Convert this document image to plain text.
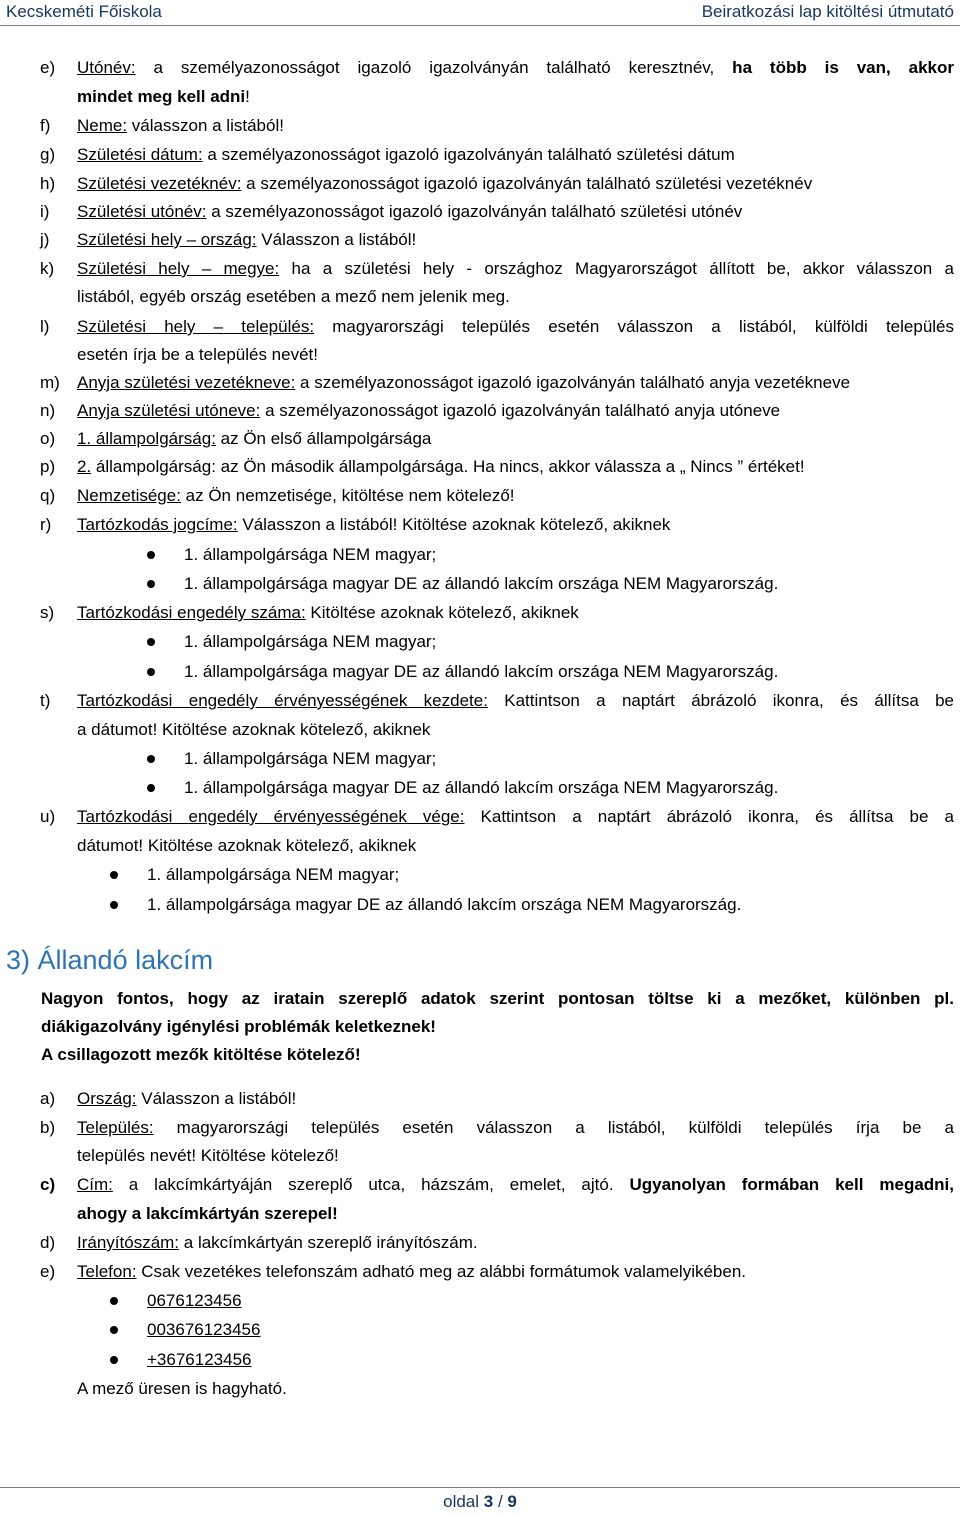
Kecskeméti Főiskola	Beiratkozási lap kitöltési útmutató
e) Utónév: a személyazonosságot igazoló igazolványán található keresztnév, ha több is van, akkor
mindet meg kell adni!
f) Neme: válasszon a listából!
g) Születési dátum: a személyazonosságot igazoló igazolványán található születési dátum
h) Születési vezetéknév: a személyazonosságot igazoló igazolványán található születési vezetéknév
i) Születési utónév: a személyazonosságot igazoló igazolványán található születési utónév
j) Születési hely – ország: Válasszon a listából!
k) Születési hely – megye: ha a születési hely - országhoz Magyarországot állított be, akkor válasszon a
listából, egyéb ország esetében a mező nem jelenik meg.
l) Születési hely – település: magyarországi település esetén válasszon a listából, külföldi település
esetén írja be a település nevét!
m) Anyja születési vezetékneve: a személyazonosságot igazoló igazolványán található anyja vezetékneve
n) Anyja születési utóneve: a személyazonosságot igazoló igazolványán található anyja utóneve
o) 1. állampolgárság: az Ön első állampolgársága
p) 2. állampolgárság: az Ön második állampolgársága. Ha nincs, akkor válassza a „ Nincs ” értéket!
q) Nemzetisége: az Ön nemzetisége, kitöltése nem kötelező!
r) Tartózkodás jogcíme: Válasszon a listából! Kitöltése azoknak kötelező, akiknek
1. állampolgársága NEM magyar;
1. állampolgársága magyar DE az állandó lakcím országa NEM Magyarország.
s) Tartózkodási engedély száma: Kitöltése azoknak kötelező, akiknek
1. állampolgársága NEM magyar;
1. állampolgársága magyar DE az állandó lakcím országa NEM Magyarország.
t) Tartózkodási engedély érvényességének kezdete: Kattintson a naptárt ábrázoló ikonra, és állítsa be
a dátumot! Kitöltése azoknak kötelező, akiknek
1. állampolgársága NEM magyar;
1. állampolgársága magyar DE az állandó lakcím országa NEM Magyarország.
u) Tartózkodási engedély érvényességének vége: Kattintson a naptárt ábrázoló ikonra, és állítsa be a
dátumot! Kitöltése azoknak kötelező, akiknek
1. állampolgársága NEM magyar;
1. állampolgársága magyar DE az állandó lakcím országa NEM Magyarország.
3) Állandó lakcím
Nagyon fontos, hogy az iratain szereplő adatok szerint pontosan töltse ki a mezőket, különben pl.
diákigazolvány igénylési problémák keletkeznek!
A csillagozott mezők kitöltése kötelező!
a) Ország: Válasszon a listából!
b) Település: magyarországi település esetén válasszon a listából, külföldi település írja be a
település nevét! Kitöltése kötelező!
c) Cím: a lakcímkártyáján szereplő utca, házszám, emelet, ajtó. Ugyanolyan formában kell megadni,
ahogy a lakcímkártyán szerepel!
d) Irányítószám: a lakcímkártyán szereplő irányítószám.
e) Telefon: Csak vezetékes telefonszám adható meg az alábbi formátumok valamelyikében.
0676123456
003676123456
+3676123456
A mező üresen is hagyható.
oldal 3 / 9
